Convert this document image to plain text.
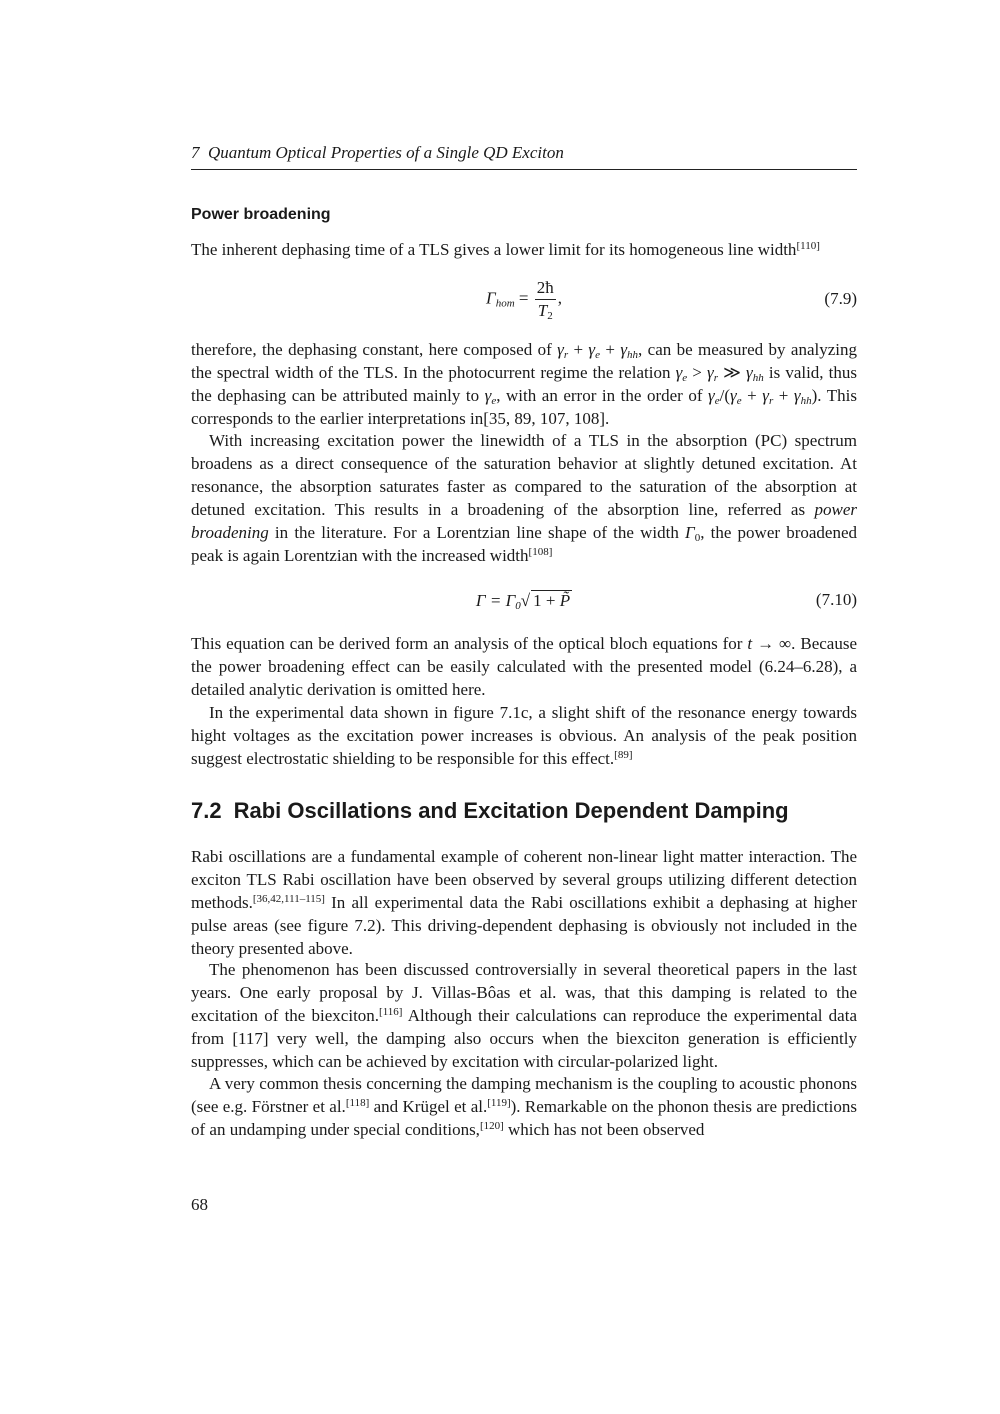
7 Quantum Optical Properties of a Single QD Exciton
Power broadening
The inherent dephasing time of a TLS gives a lower limit for its homogeneous line width[110]
$\Gamma_{hom} = \frac{2ħ}{T_2}$ ,	(7.9)
therefore, the dephasing constant, here composed of $\gamma_r + \gamma_e + \gamma_{hh}$, can be measured by analyzing the spectral width of the TLS. In the photocurrent regime the relation $\gamma_e > \gamma_r$ ≫ $\gamma_{hh}$ is valid, thus the dephasing can be attributed mainly to $\gamma_e$, with an error in the order of $\gamma_e/(\gamma_e + \gamma_r + \gamma_{hh})$. This corresponds to the earlier interpretations in[35, 89, 107, 108].
With increasing excitation power the linewidth of a TLS in the absorption (PC) spectrum broadens as a direct consequence of the saturation behavior at slightly detuned excitation. At resonance, the absorption saturates faster as compared to the saturation of the absorption at detuned excitation. This results in a broadening of the absorption line, referred as power broadening in the literature. For a Lorentzian line shape of the width $\Gamma_0$, the power broadened peak is again Lorentzian with the increased width[108]
$\Gamma = \Gamma_0√$ 1 + P̃	(7.10)
This equation can be derived form an analysis of the optical bloch equations for t → ∞. Because the power broadening effect can be easily calculated with the presented model (6.24–6.28), a detailed analytic derivation is omitted here.
In the experimental data shown in figure 7.1c, a slight shift of the resonance energy towards hight voltages as the excitation power increases is obvious. An analysis of the peak position suggest electrostatic shielding to be responsible for this effect.[89]
7.2 Rabi Oscillations and Excitation Dependent Damping
Rabi oscillations are a fundamental example of coherent non-linear light matter interaction. The exciton TLS Rabi oscillation have been observed by several groups utilizing different detection methods.[36,42,111–115] In all experimental data the Rabi oscillations exhibit a dephasing at higher pulse areas (see figure 7.2). This driving-dependent dephasing is obviously not included in the theory presented above.
The phenomenon has been discussed controversially in several theoretical papers in the last years. One early proposal by J. Villas-Bôas et al. was, that this damping is related to the excitation of the biexciton.[116] Although their calculations can reproduce the experimental data from [117] very well, the damping also occurs when the biexciton generation is efficiently suppresses, which can be achieved by excitation with circular-polarized light.
A very common thesis concerning the damping mechanism is the coupling to acoustic phonons (see e.g. Förstner et al.[118] and Krügel et al.[119]). Remarkable on the phonon thesis are predictions of an undamping under special conditions,[120] which has not been observed
68
